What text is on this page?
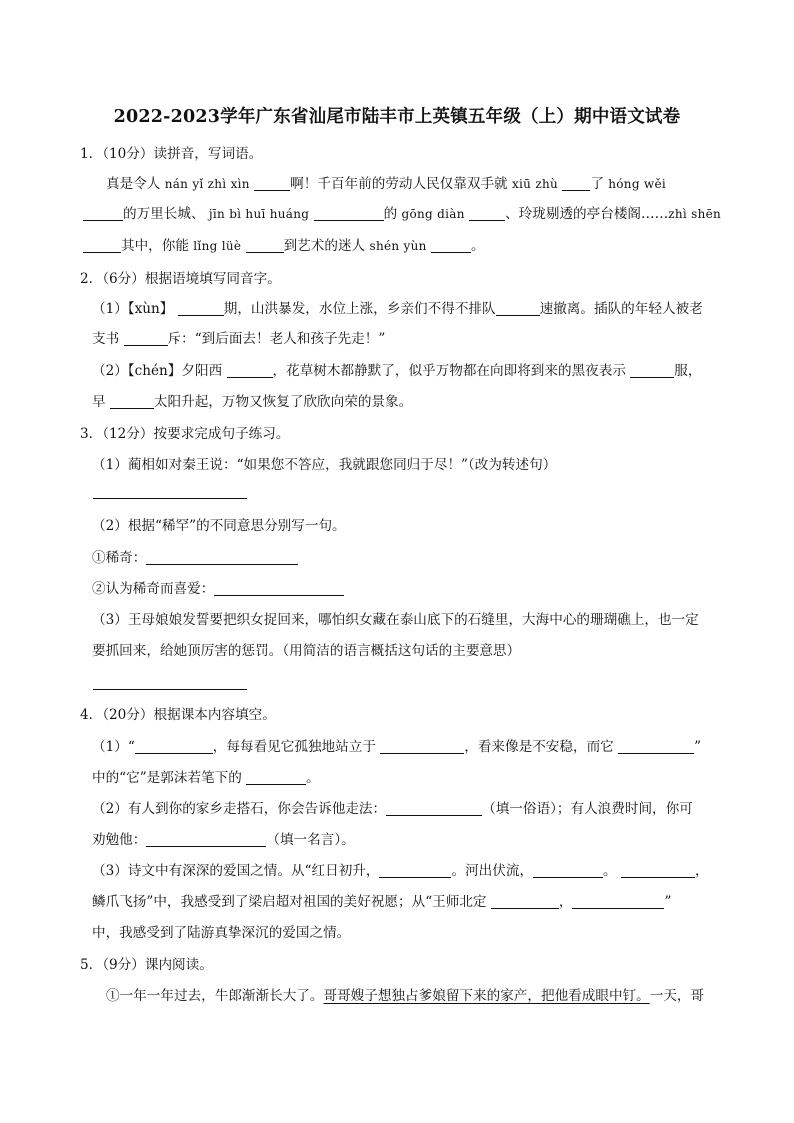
2022-2023学年广东省汕尾市陆丰市上英镇五年级（上）期中语文试卷
1．（10分）读拼音，写词语。
真是令人 nán yǐ zhì xìn	啊！千百年前的劳动人民仅靠双手就 xiū zhù 了 hóng wěi
的万里长城、 jīn bì huī huáng	的 gōng diàn	、玲珑剔透的亭台楼阁……zhì shēn
其中，你能 lǐng lüè	到艺术的迷人 shén yùn	。
2．（6分）根据语境填写同音字。
（1）【xùn】	期，山洪暴发，水位上涨，乡亲们不得不排队	速撤离。插队的年轻人被老
支书	斥：“到后面去！老人和孩子先走！”
（2）【chén】夕阳西	，花草树木都静默了，似乎万物都在向即将到来的黑夜表示	服，
早	太阳升起，万物又恢复了欣欣向荣的景象。
3．（12分）按要求完成句子练习。
（1）蔺相如对秦王说：“如果您不答应，我就跟您同归于尽！”（改为转述句）
（2）根据“稀罕”的不同意思分别写一句。
①稀奇：
②认为稀奇而喜爱：
（3）王母娘娘发誓要把织女捉回来，哪怕织女藏在泰山底下的石缝里，大海中心的珊瑚礁上，也一定
要抓回来，给她顶厉害的惩罚。（用简洁的语言概括这句话的主要意思）
4．（20分）根据课本内容填空。
（1）“	，每每看见它孤独地站立于	，看来像是不安稳，而它	”
中的“它”是郭沫若笔下的	。
（2）有人到你的家乡走搭石，你会告诉他走法：	（填一俗语）；有人浪费时间，你可
劝勉他：	（填一名言）。
（3）诗文中有深深的爱国之情。从“红日初升，	。河出伏流，	。	，
鳞爪飞扬”中，我感受到了梁启超对祖国的美好祝愿；从“王师北定	，	”
中，我感受到了陆游真挚深沉的爱国之情。
5．（9分）课内阅读。
①一年一年过去，牛郎渐渐长大了。哥哥嫂子想独占爹娘留下来的家产，把他看成眼中钉。一天，哥
